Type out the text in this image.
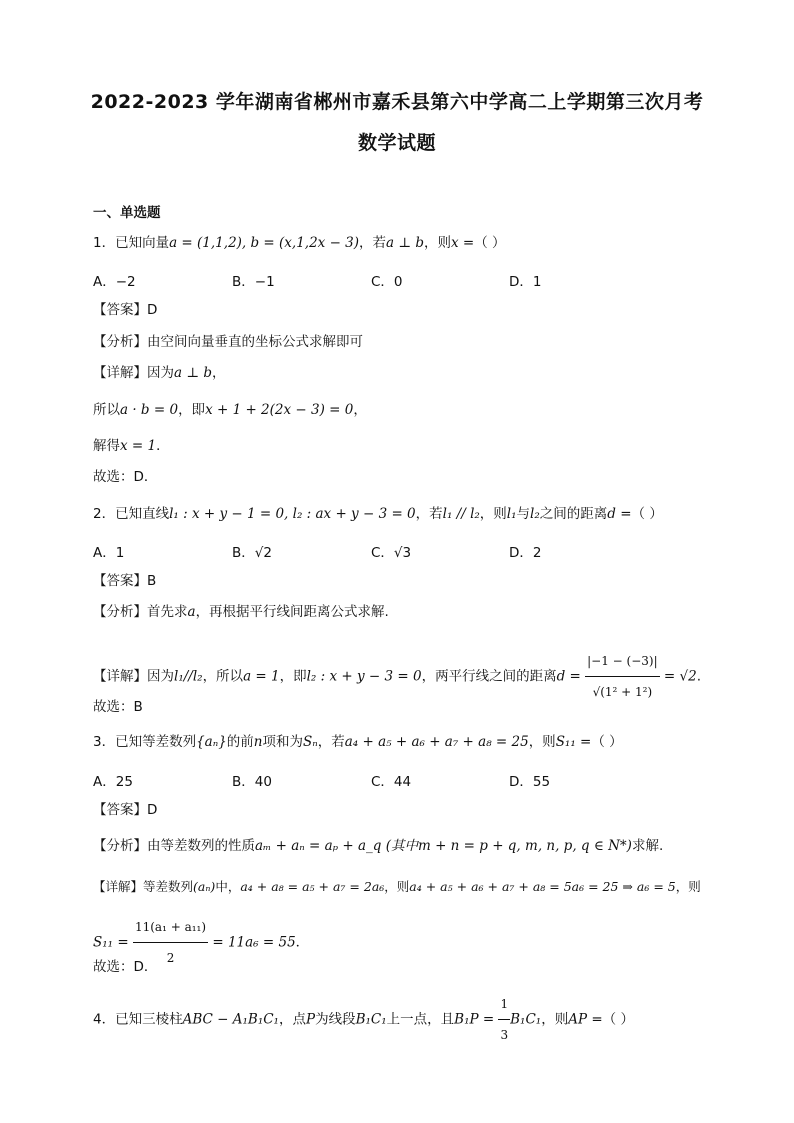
2022-2023 学年湖南省郴州市嘉禾县第六中学高二上学期第三次月考
数学试题
一、单选题
1．已知向量a = (1,1,2), b = (x,1,2x − 3)，若a ⊥ b，则x =（ ）
A．−2	B．−1	C．0	D．1
【答案】D
【分析】由空间向量垂直的坐标公式求解即可
【详解】因为a ⊥ b，
所以a · b = 0，即x + 1 + 2(2x − 3) = 0，
解得x = 1．
故选：D．
2．已知直线l₁ : x + y − 1 = 0, l₂ : ax + y − 3 = 0，若l₁ // l₂，则l₁与l₂之间的距离d =（ ）
A．1	B．√2	C．√3	D．2
【答案】B
【分析】首先求a，再根据平行线间距离公式求解.
【详解】因为l₁//l₂，所以a = 1，即l₂ : x + y − 3 = 0，两平行线之间的距离$d = \frac{|-1 - (-3)|}{\text{√(1² + 1²)}} = √2$.
故选：B
3．已知等差数列{aₙ}的前n项和为Sₙ，若a₄ + a₅ + a₆ + a₇ + a₈ = 25，则S₁₁ =（ ）
A．25	B．40	C．44	D．55
【答案】D
【分析】由等差数列的性质aₘ + aₙ = aₚ + a_q (其中m + n = p + q, m, n, p, q ∈ N*)求解.
【详解】等差数列(aₙ)中，a₄ + a₈ = a₅ + a₇ = 2a₆，则a₄ + a₅ + a₆ + a₇ + a₈ = 5a₆ = 25 ⇒ a₆ = 5，则
$S_{11} = \frac{\text{11(a₁ + a₁₁)}}{2} = 11a_6 = 55$．
故选：D．
4．已知三棱柱ABC − A₁B₁C₁，点P为线段B₁C₁上一点，且$B_1P = \frac{1}{3} B_1C_1$，则AP =（ ）
